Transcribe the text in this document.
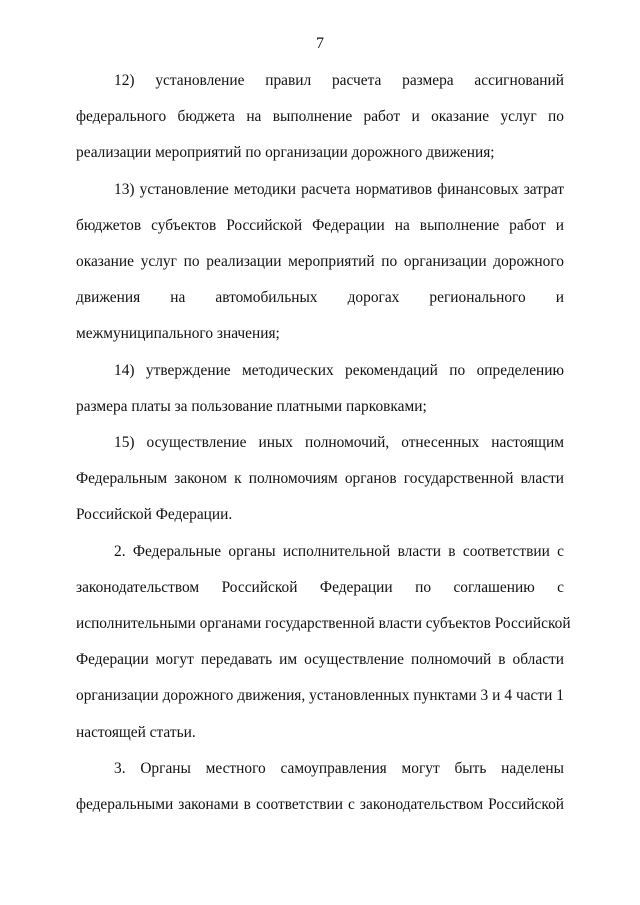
7
12) установление правил расчета размера ассигнований
федерального бюджета на выполнение работ и оказание услуг по
реализации мероприятий по организации дорожного движения;
13) установление методики расчета нормативов финансовых затрат
бюджетов субъектов Российской Федерации на выполнение работ и
оказание услуг по реализации мероприятий по организации дорожного
движения на автомобильных дорогах регионального и
межмуниципального значения;
14) утверждение методических рекомендаций по определению
размера платы за пользование платными парковками;
15) осуществление иных полномочий, отнесенных настоящим
Федеральным законом к полномочиям органов государственной власти
Российской Федерации.
2. Федеральные органы исполнительной власти в соответствии с
законодательством Российской Федерации по соглашению с
исполнительными органами государственной власти субъектов Российской
Федерации могут передавать им осуществление полномочий в области
организации дорожного движения, установленных пунктами 3 и 4 части 1
настоящей статьи.
3. Органы местного самоуправления могут быть наделены
федеральными законами в соответствии с законодательством Российской
